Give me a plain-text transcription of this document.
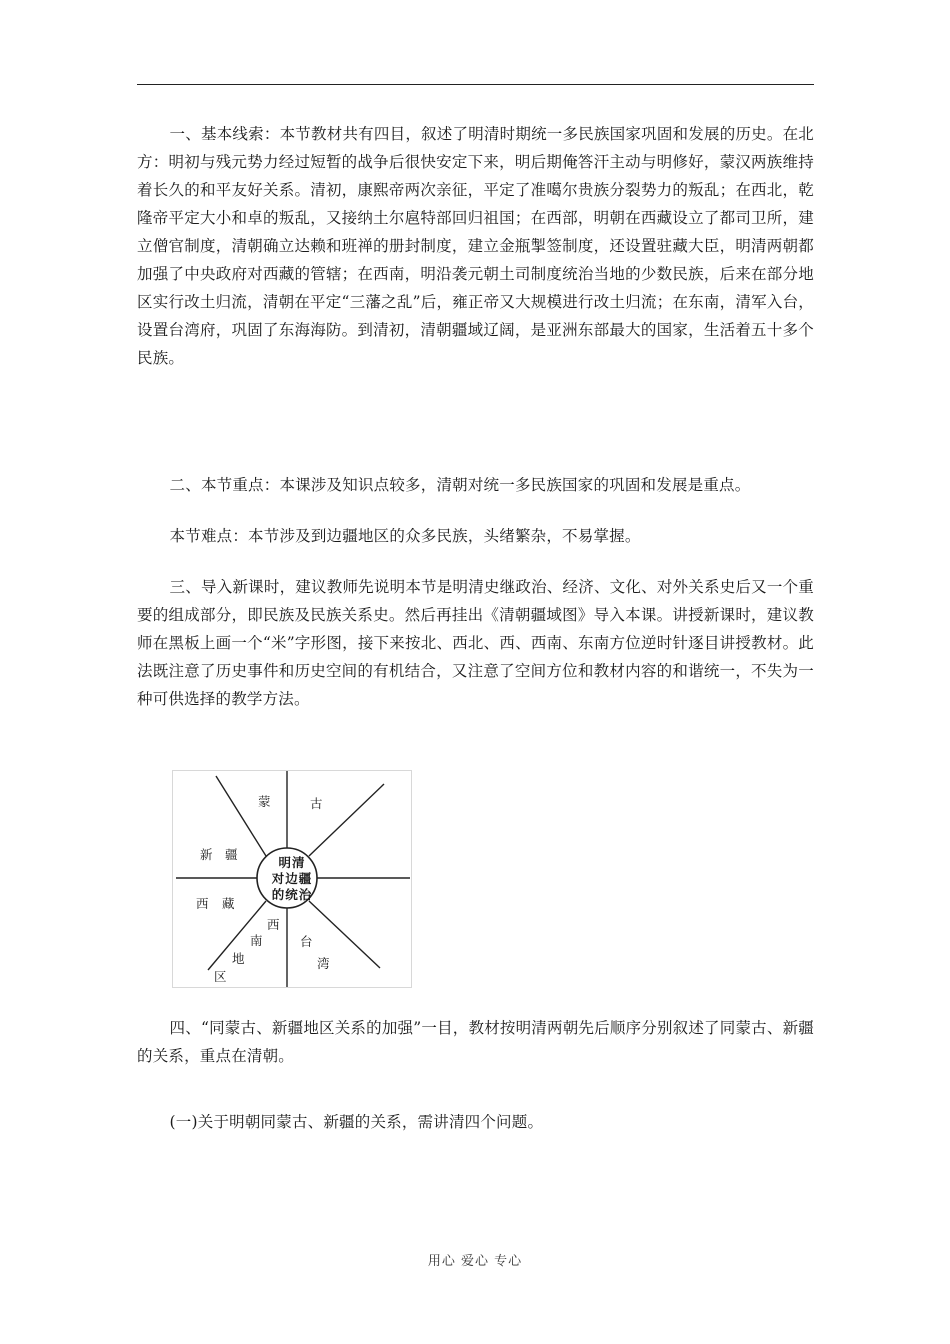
一、基本线索：本节教材共有四目，叙述了明清时期统一多民族国家巩固和发展的历史。在北方：明初与残元势力经过短暂的战争后很快安定下来，明后期俺答汗主动与明修好，蒙汉两族维持着长久的和平友好关系。清初，康熙帝两次亲征，平定了准噶尔贵族分裂势力的叛乱；在西北，乾隆帝平定大小和卓的叛乱，又接纳土尔扈特部回归祖国；在西部，明朝在西藏设立了都司卫所，建立僧官制度，清朝确立达赖和班禅的册封制度，建立金瓶掣签制度，还设置驻藏大臣，明清两朝都加强了中央政府对西藏的管辖；在西南，明沿袭元朝土司制度统治当地的少数民族，后来在部分地区实行改土归流，清朝在平定“三藩之乱”后，雍正帝又大规模进行改土归流；在东南，清军入台，设置台湾府，巩固了东海海防。到清初，清朝疆域辽阔，是亚洲东部最大的国家，生活着五十多个民族。

二、本节重点：本课涉及知识点较多，清朝对统一多民族国家的巩固和发展是重点。

本节难点：本节涉及到边疆地区的众多民族，头绪繁杂，不易掌握。

三、导入新课时，建议教师先说明本节是明清史继政治、经济、文化、对外关系史后又一个重要的组成部分，即民族及民族关系史。然后再挂出《清朝疆域图》导入本课。讲授新课时，建议教师在黑板上画一个“米”字形图，接下来按北、西北、西、西南、东南方位逆时针逐目讲授教材。此法既注意了历史事件和历史空间的有机结合，又注意了空间方位和教材内容的和谐统一，不失为一种可供选择的教学方法。

明清
对边疆
的统治
蒙	古
新 疆
西 藏
西
南
地
区
台
湾

四、“同蒙古、新疆地区关系的加强”一目，教材按明清两朝先后顺序分别叙述了同蒙古、新疆的关系，重点在清朝。

(一)关于明朝同蒙古、新疆的关系，需讲清四个问题。

用心 爱心 专心
